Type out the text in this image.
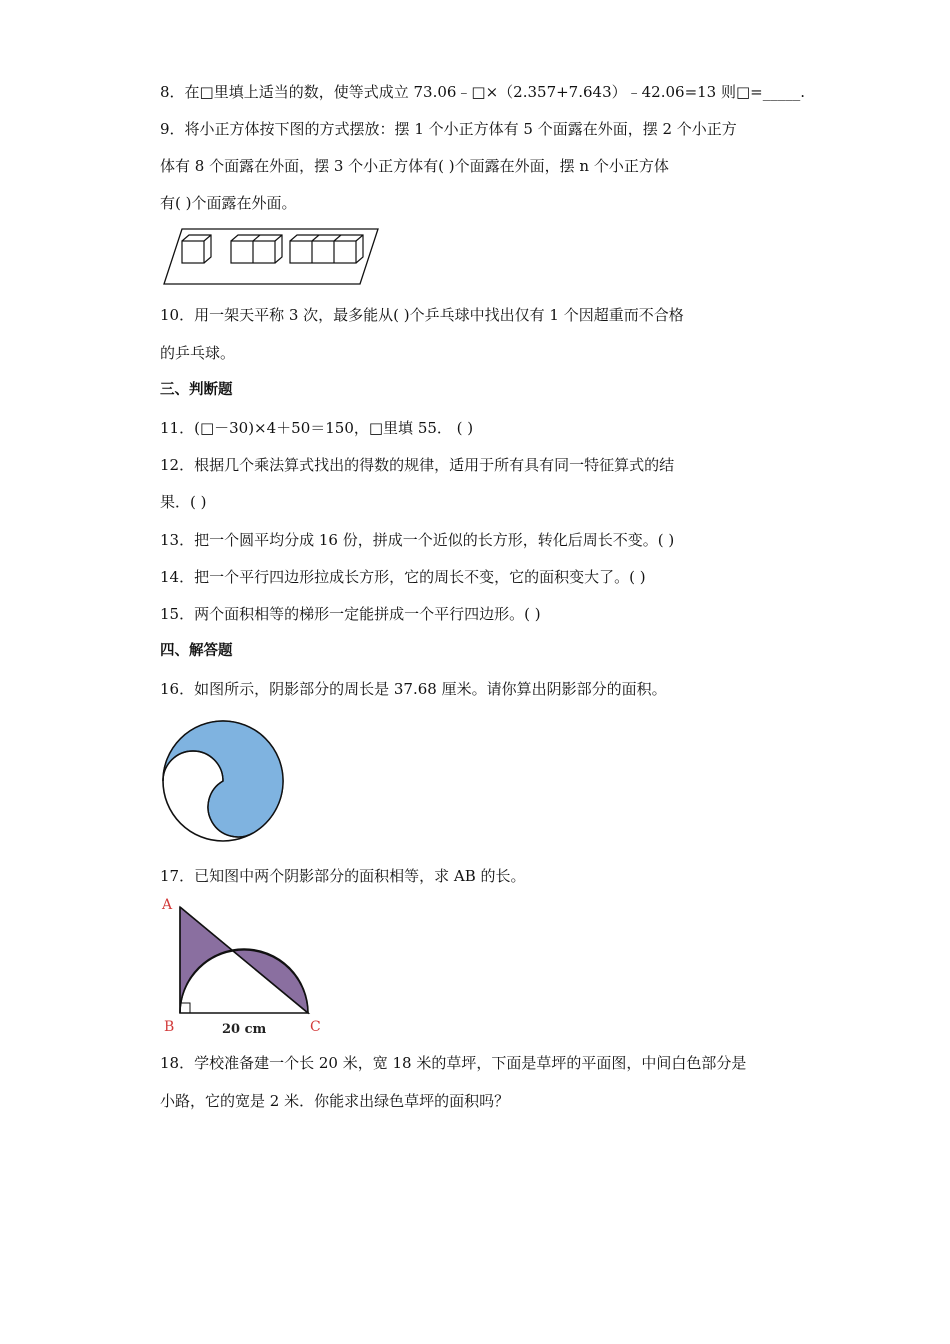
8．在□里填上适当的数，使等式成立 73.06﹣□×（2.357+7.643）﹣42.06=13 则□=_____.
9．将小正方体按下图的方式摆放：摆 1 个小正方体有 5 个面露在外面，摆 2 个小正方
体有 8 个面露在外面，摆 3 个小正方体有( )个面露在外面，摆 n 个小正方体
有( )个面露在外面。
10．用一架天平称 3 次，最多能从( )个乒乓球中找出仅有 1 个因超重而不合格
的乒乓球。
三、判断题
11．(□－30)×4＋50＝150，□里填 55． ( )
12．根据几个乘法算式找出的得数的规律，适用于所有具有同一特征算式的结
果．( )
13．把一个圆平均分成 16 份，拼成一个近似的长方形，转化后周长不变。( )
14．把一个平行四边形拉成长方形，它的周长不变，它的面积变大了。( )
15．两个面积相等的梯形一定能拼成一个平行四边形。( )
四、解答题
16．如图所示，阴影部分的周长是 37.68 厘米。请你算出阴影部分的面积。
17．已知图中两个阴影部分的面积相等，求 AB 的长。
A
B	C
20 cm
18．学校准备建一个长 20 米，宽 18 米的草坪，下面是草坪的平面图，中间白色部分是
小路，它的宽是 2 米．你能求出绿色草坪的面积吗？
